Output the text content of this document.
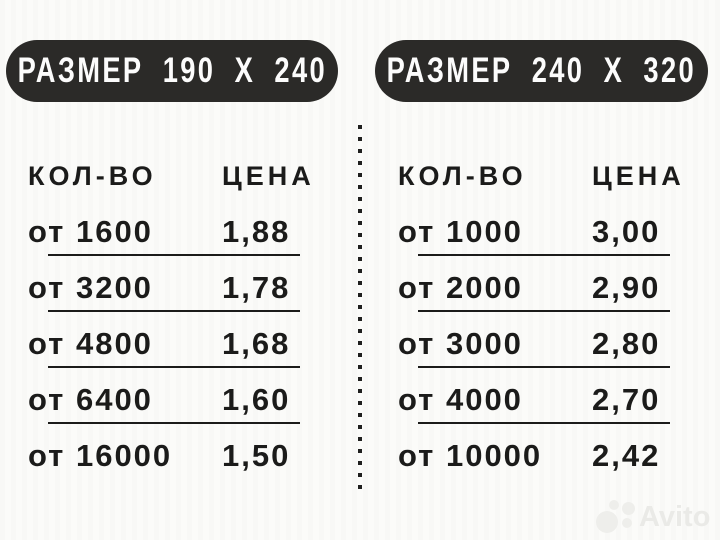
РАЗМЕР 190 X 240 РАЗМЕР 240 X 320
КОЛ-ВО	ЦЕНА
от 1600	1,88
от 3200	1,78
от 4800	1,68
от 6400	1,60
от 16000	1,50
КОЛ-ВО	ЦЕНА
от 1000	3,00
от 2000	2,90
от 3000	2,80
от 4000	2,70
от 10000	2,42
Avito
